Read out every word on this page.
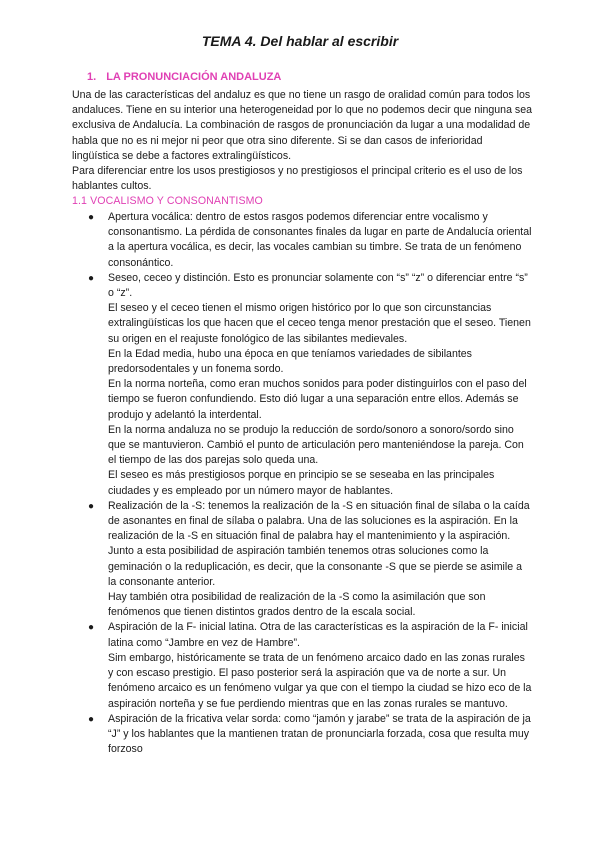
TEMA 4. Del hablar al escribir
1. LA PRONUNCIACIÓN ANDALUZA

Una de las características del andaluz es que no tiene un rasgo de oralidad común para todos los andaluces. Tiene en su interior una heterogeneidad por lo que no podemos decir que ninguna sea exclusiva de Andalucía. La combinación de rasgos de pronunciación da lugar a una modalidad de habla que no es ni mejor ni peor que otra sino diferente. Si se dan casos de inferioridad lingüística se debe a factores extralingüísticos.

Para diferenciar entre los usos prestigiosos y no prestigiosos el principal criterio es el uso de los hablantes cultos.

1.1 VOCALISMO Y CONSONANTISMO
● Apertura vocálica: dentro de estos rasgos podemos diferenciar entre vocalismo y consonantismo. La pérdida de consonantes finales da lugar en parte de Andalucía oriental a la apertura vocálica, es decir, las vocales cambian su timbre. Se trata de un fenómeno consonántico.

● Seseo, ceceo y distinción. Esto es pronunciar solamente con “s” “z” o diferenciar entre “s” o “z”.

El seseo y el ceceo tienen el mismo origen histórico por lo que son circunstancias extralingüísticas los que hacen que el ceceo tenga menor prestación que el seseo. Tienen su origen en el reajuste fonológico de las sibilantes medievales.

En la Edad media, hubo una época en que teníamos variedades de sibilantes predorsodentales y un fonema sordo.

En la norma norteña, como eran muchos sonidos para poder distinguirlos con el paso del tiempo se fueron confundiendo. Esto dió lugar a una separación entre ellos. Además se produjo y adelantó la interdental.

En la norma andaluza no se produjo la reducción de sordo/sonoro a sonoro/sordo sino que se mantuvieron. Cambió el punto de articulación pero manteniéndose la pareja. Con el tiempo de las dos parejas solo queda una.

El seseo es más prestigiosos porque en principio se se seseaba en las principales ciudades y es empleado por un número mayor de hablantes.

● Realización de la -S: tenemos la realización de la -S en situación final de sílaba o la caída de asonantes en final de sílaba o palabra. Una de las soluciones es la aspiración. En la realización de la -S en situación final de palabra hay el mantenimiento y la aspiración.

Junto a esta posibilidad de aspiración también tenemos otras soluciones como la geminación o la reduplicación, es decir, que la consonante -S que se pierde se asimile a la consonante anterior.

Hay también otra posibilidad de realización de la -S como la asimilación que son fenómenos que tienen distintos grados dentro de la escala social.

● Aspiración de la F- inicial latina. Otra de las características es la aspiración de la F- inicial latina como “Jambre en vez de Hambre”.

Sim embargo, históricamente se trata de un fenómeno arcaico dado en las zonas rurales y con escaso prestigio. El paso posterior será la aspiración que va de norte a sur. Un fenómeno arcaico es un fenómeno vulgar ya que con el tiempo la ciudad se hizo eco de la aspiración norteña y se fue perdiendo mientras que en las zonas rurales se mantuvo.

● Aspiración de la fricativa velar sorda: como “jamón y jarabe” se trata de la aspiración de ja “J” y los hablantes que la mantienen tratan de pronunciarla forzada, cosa que resulta muy forzoso
